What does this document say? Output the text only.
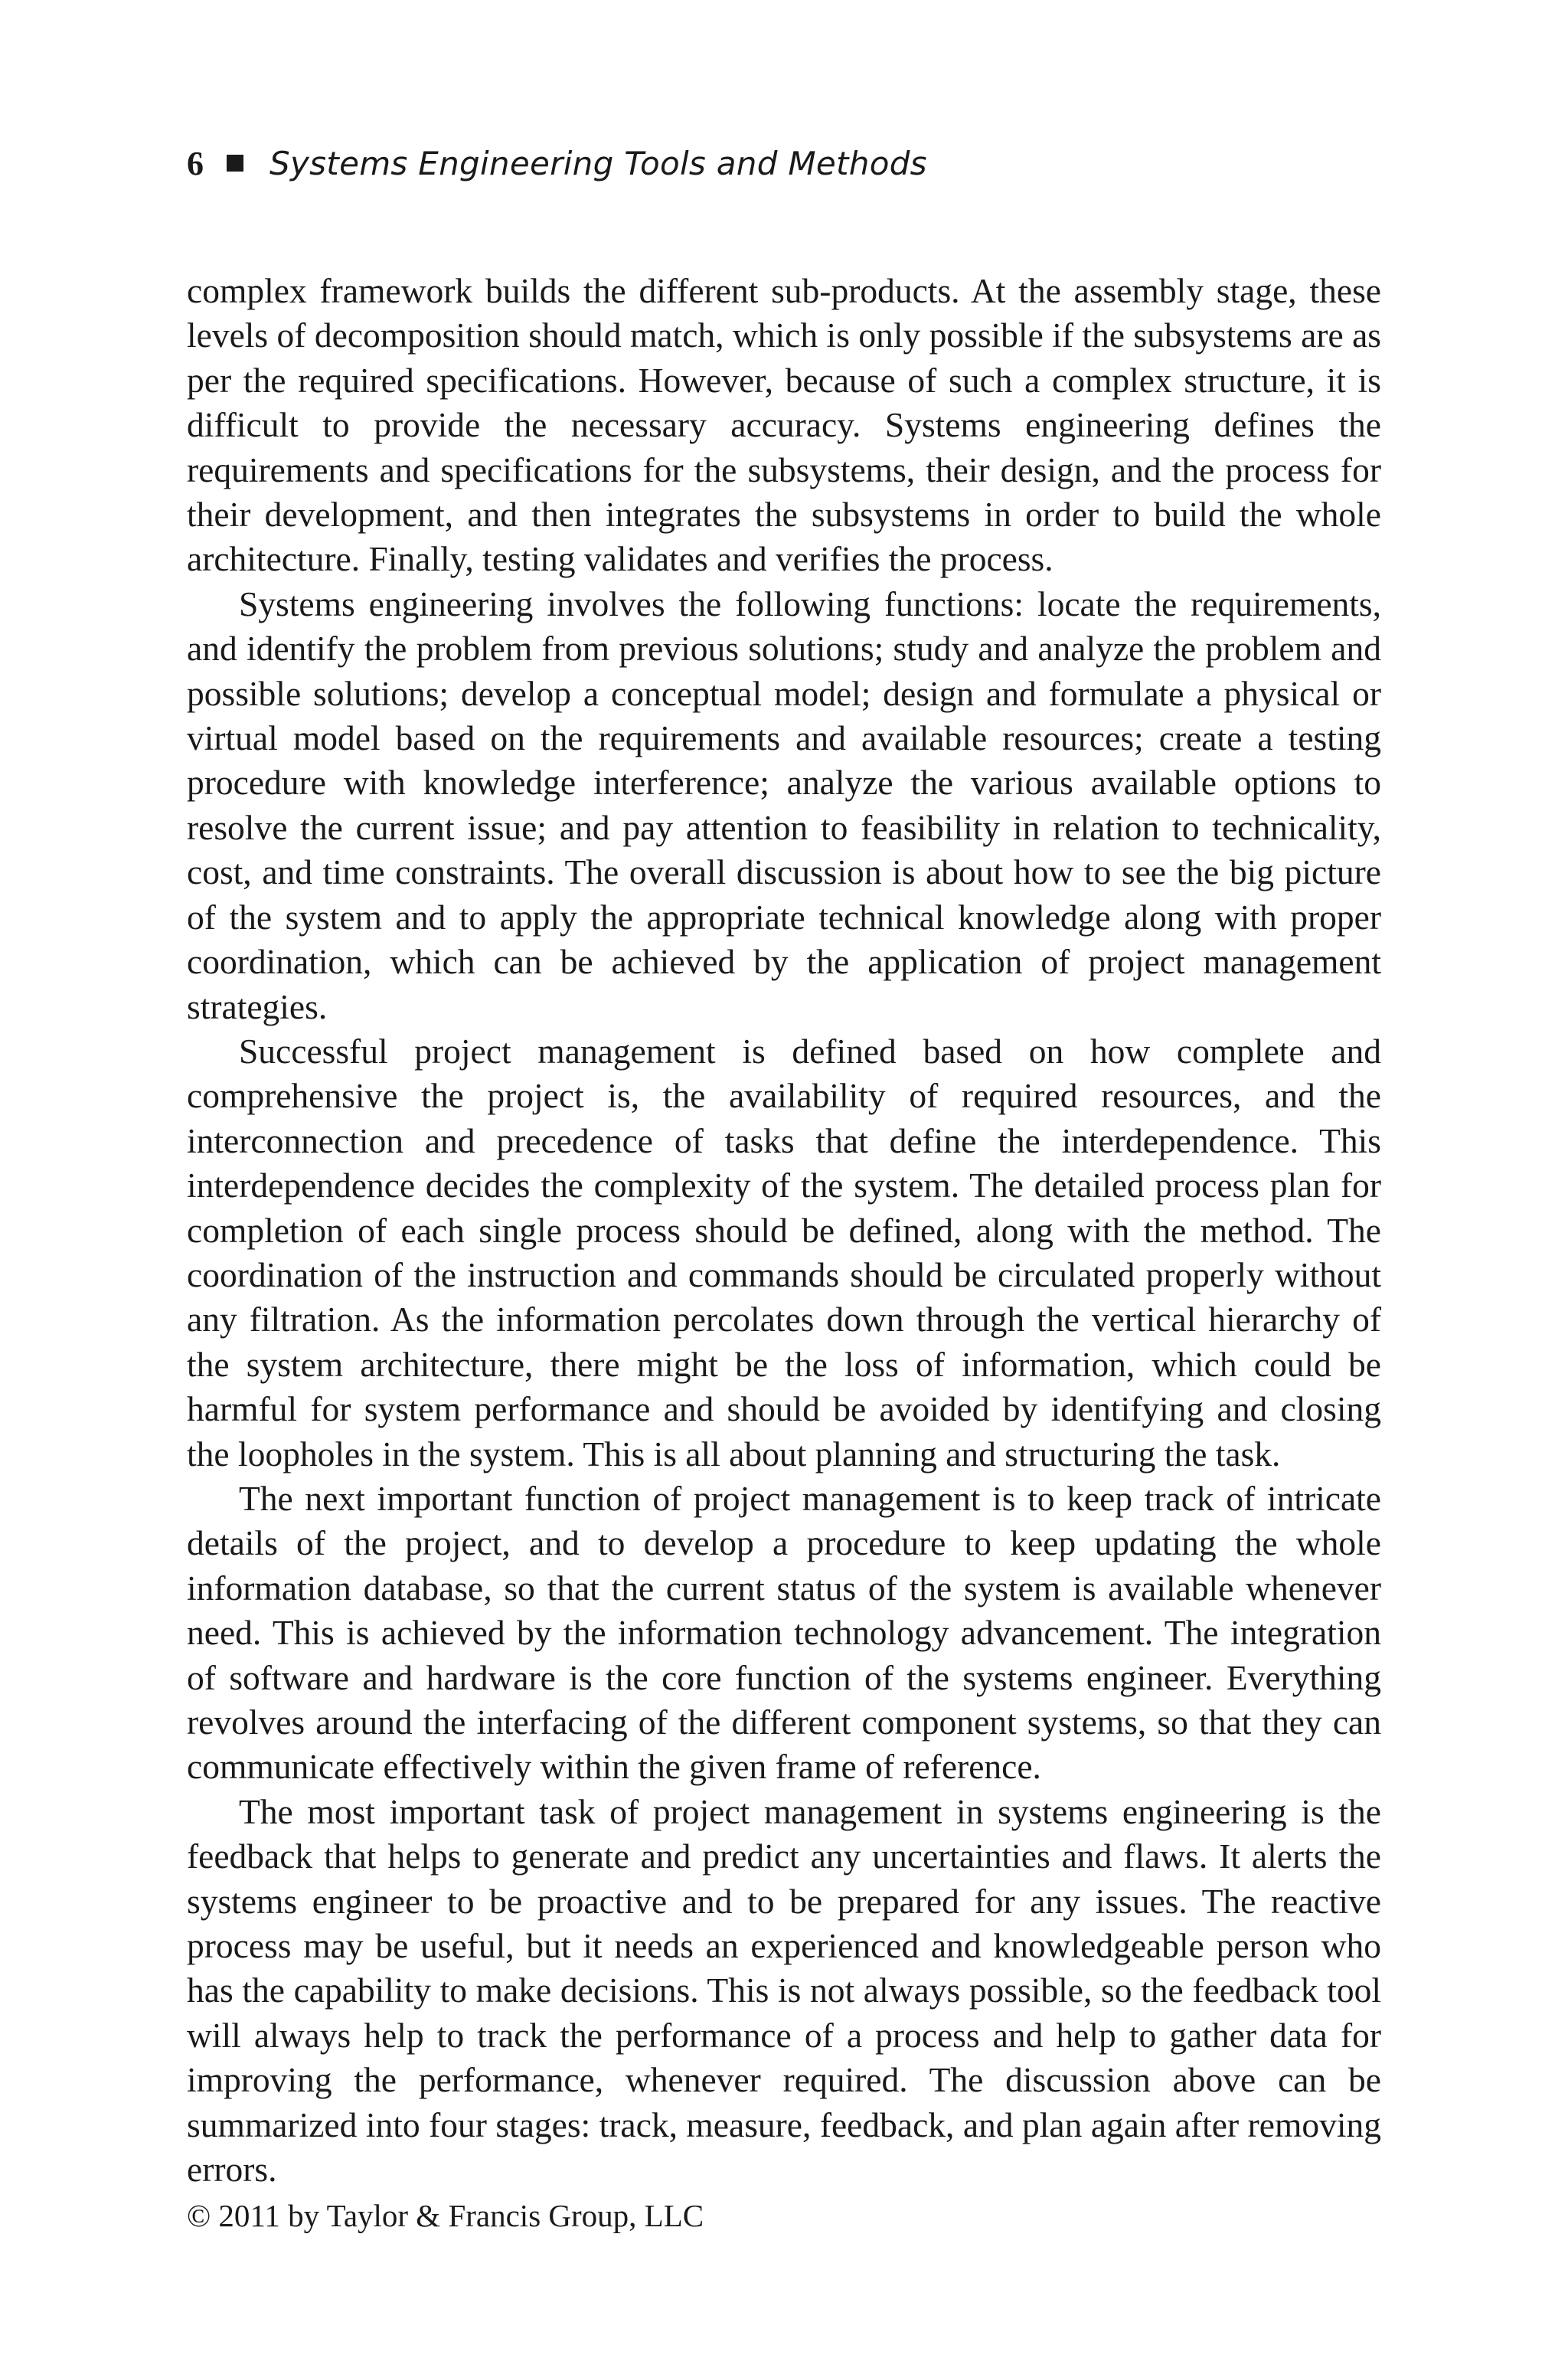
6 Systems Engineering Tools and Methods

complex framework builds the different sub-products. At the assembly stage, these levels of decomposition should match, which is only possible if the subsystems are as per the required specifications. However, because of such a complex structure, it is difficult to provide the necessary accuracy. Systems engineering defines the requirements and specifications for the subsystems, their design, and the process for their development, and then integrates the subsystems in order to build the whole architecture. Finally, testing validates and verifies the process.

Systems engineering involves the following functions: locate the requirements, and identify the problem from previous solutions; study and analyze the problem and possible solutions; develop a conceptual model; design and formulate a physical or virtual model based on the requirements and available resources; create a testing procedure with knowledge interference; analyze the various available options to resolve the current issue; and pay attention to feasibility in relation to technicality, cost, and time constraints. The overall discussion is about how to see the big picture of the system and to apply the appropriate technical knowledge along with proper coordination, which can be achieved by the application of project management strategies.

Successful project management is defined based on how complete and comprehensive the project is, the availability of required resources, and the interconnection and precedence of tasks that define the interdependence. This interdependence decides the complexity of the system. The detailed process plan for completion of each single process should be defined, along with the method. The coordination of the instruction and commands should be circulated properly without any filtration. As the information percolates down through the vertical hierarchy of the system architecture, there might be the loss of information, which could be harmful for system performance and should be avoided by identifying and closing the loopholes in the system. This is all about planning and structuring the task.

The next important function of project management is to keep track of intricate details of the project, and to develop a procedure to keep updating the whole information database, so that the current status of the system is available whenever need. This is achieved by the information technology advancement. The integration of software and hardware is the core function of the systems engineer. Everything revolves around the interfacing of the different component systems, so that they can communicate effectively within the given frame of reference.

The most important task of project management in systems engineering is the feedback that helps to generate and predict any uncertainties and flaws. It alerts the systems engineer to be proactive and to be prepared for any issues. The reactive process may be useful, but it needs an experienced and knowledgeable person who has the capability to make decisions. This is not always possible, so the feedback tool will always help to track the performance of a process and help to gather data for improving the performance, whenever required. The discussion above can be summarized into four stages: track, measure, feedback, and plan again after removing errors.

© 2011 by Taylor & Francis Group, LLC
